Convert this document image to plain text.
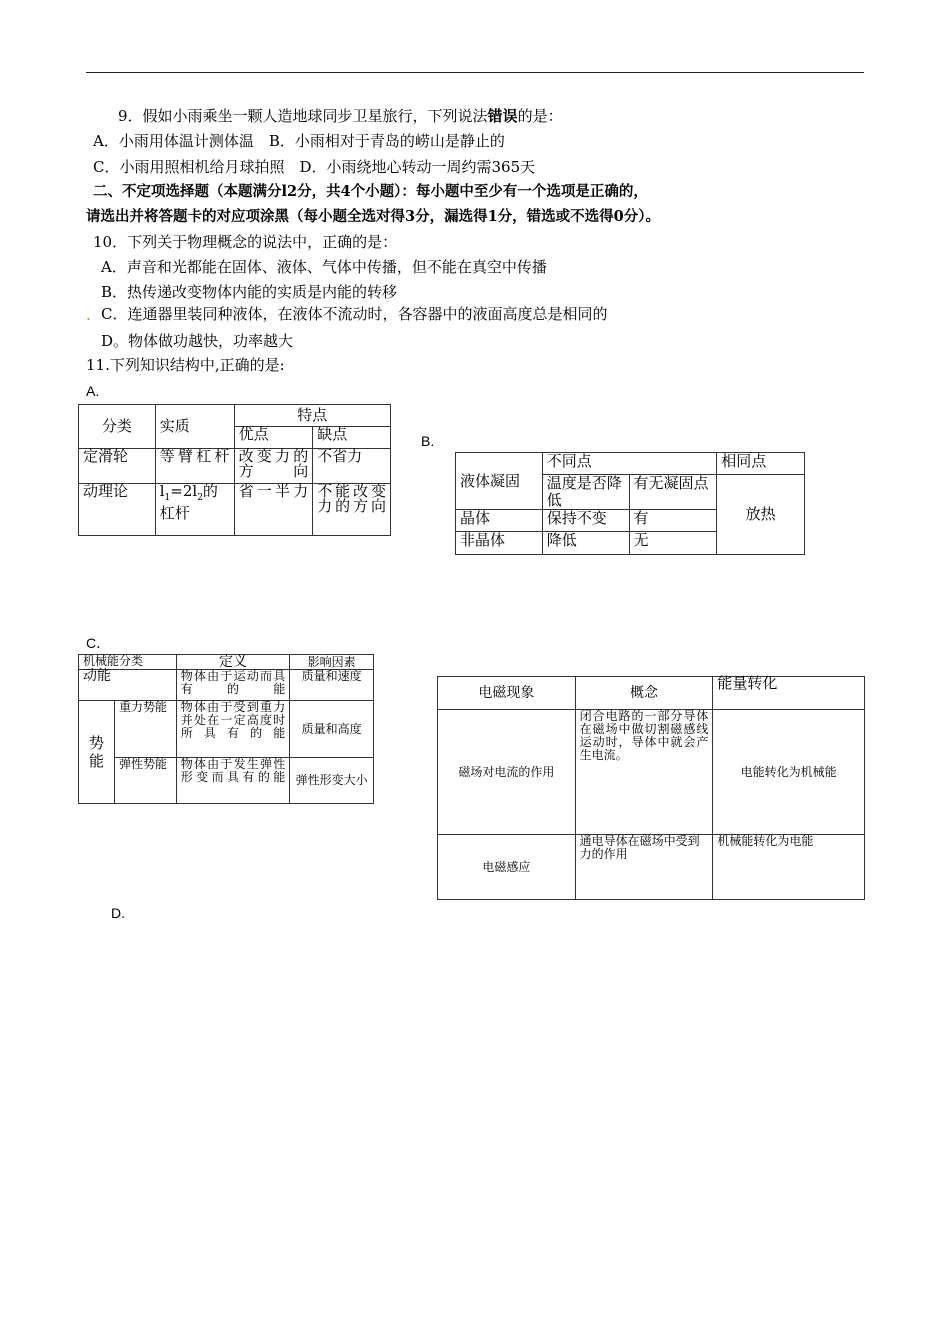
9．假如小雨乘坐一颗人造地球同步卫星旅行，下列说法错误的是：
A．小雨用体温计测体温　B．小雨相对于青岛的崂山是静止的
C．小雨用照相机给月球拍照　D．小雨绕地心转动一周约需365天
二、不定项选择题（本题满分l2分，共4个小题）：每小题中至少有一个选项是正确的，
请选出并将答题卡的对应项涂黑（每小题全选对得3分，漏选得1分，错选或不选得0分）。
10．下列关于物理概念的说法中，正确的是：
A．声音和光都能在固体、液体、气体中传播，但不能在真空中传播
B．热传递改变物体内能的实质是内能的转移
. C．连通器里装同种液体，在液体不流动时，各容器中的液面高度总是相同的
D。物体做功越快，功率越大
11.下列知识结构中,正确的是:
A.
分类	实质	特点	
		优点	缺点
定滑轮	等臂杠杆	改变力的方向	不省力
动理论	$l_1=2l_2$的杠杆	省一半力	不能改变力的方向
B.
液体凝固	不同点		相同点
	温度是否降低	有无凝固点	放热
晶体	保持不变	有	
非晶体	降低	无	
C．
机械能分类		定义	影响因素
动能		物体由于运动而具有的能	质量和速度
势能	重力势能	物体由于受到重力并处在一定高度时所具有的能	质量和高度
	弹性势能	物体由于发生弹性形变而具有的能	弹性形变大小
电磁现象	概念	能量转化
磁场对电流的作用	闭合电路的一部分导体在磁场中做切割磁感线运动时，导体中就会产生电流。	电能转化为机械能
电磁感应	通电导体在磁场中受到力的作用	机械能转化为电能
D.
